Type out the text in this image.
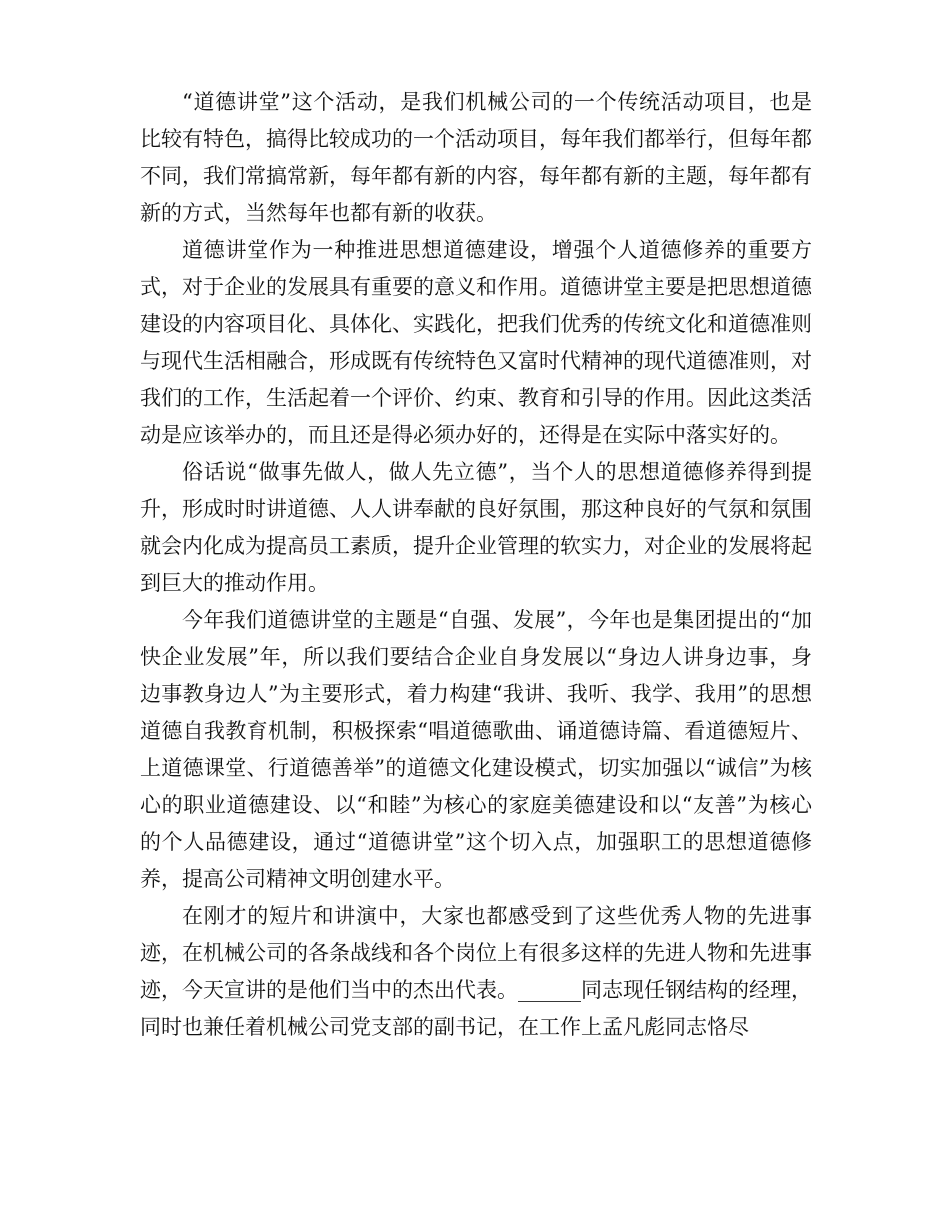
“道德讲堂”这个活动，是我们机械公司的一个传统活动项目，也是比较有特色，搞得比较成功的一个活动项目，每年我们都举行，但每年都不同，我们常搞常新，每年都有新的内容，每年都有新的主题，每年都有新的方式，当然每年也都有新的收获。

道德讲堂作为一种推进思想道德建设，增强个人道德修养的重要方式，对于企业的发展具有重要的意义和作用。道德讲堂主要是把思想道德建设的内容项目化、具体化、实践化，把我们优秀的传统文化和道德准则与现代生活相融合，形成既有传统特色又富时代精神的现代道德准则，对我们的工作，生活起着一个评价、约束、教育和引导的作用。因此这类活动是应该举办的，而且还是得必须办好的，还得是在实际中落实好的。

俗话说“做事先做人，做人先立德”，当个人的思想道德修养得到提升，形成时时讲道德、人人讲奉献的良好氛围，那这种良好的气氛和氛围就会内化成为提高员工素质，提升企业管理的软实力，对企业的发展将起到巨大的推动作用。

今年我们道德讲堂的主题是“自强、发展”，今年也是集团提出的“加快企业发展”年，所以我们要结合企业自身发展以“身边人讲身边事，身边事教身边人”为主要形式，着力构建“我讲、我听、我学、我用”的思想道德自我教育机制，积极探索“唱道德歌曲、诵道德诗篇、看道德短片、上道德课堂、行道德善举”的道德文化建设模式，切实加强以“诚信”为核心的职业道德建设、以“和睦”为核心的家庭美德建设和以“友善”为核心的个人品德建设，通过“道德讲堂”这个切入点，加强职工的思想道德修养，提高公司精神文明创建水平。

在刚才的短片和讲演中，大家也都感受到了这些优秀人物的先进事迹，在机械公司的各条战线和各个岗位上有很多这样的先进人物和先进事迹，今天宣讲的是他们当中的杰出代表。______同志现任钢结构的经理，同时也兼任着机械公司党支部的副书记，在工作上孟凡彪同志恪尽
